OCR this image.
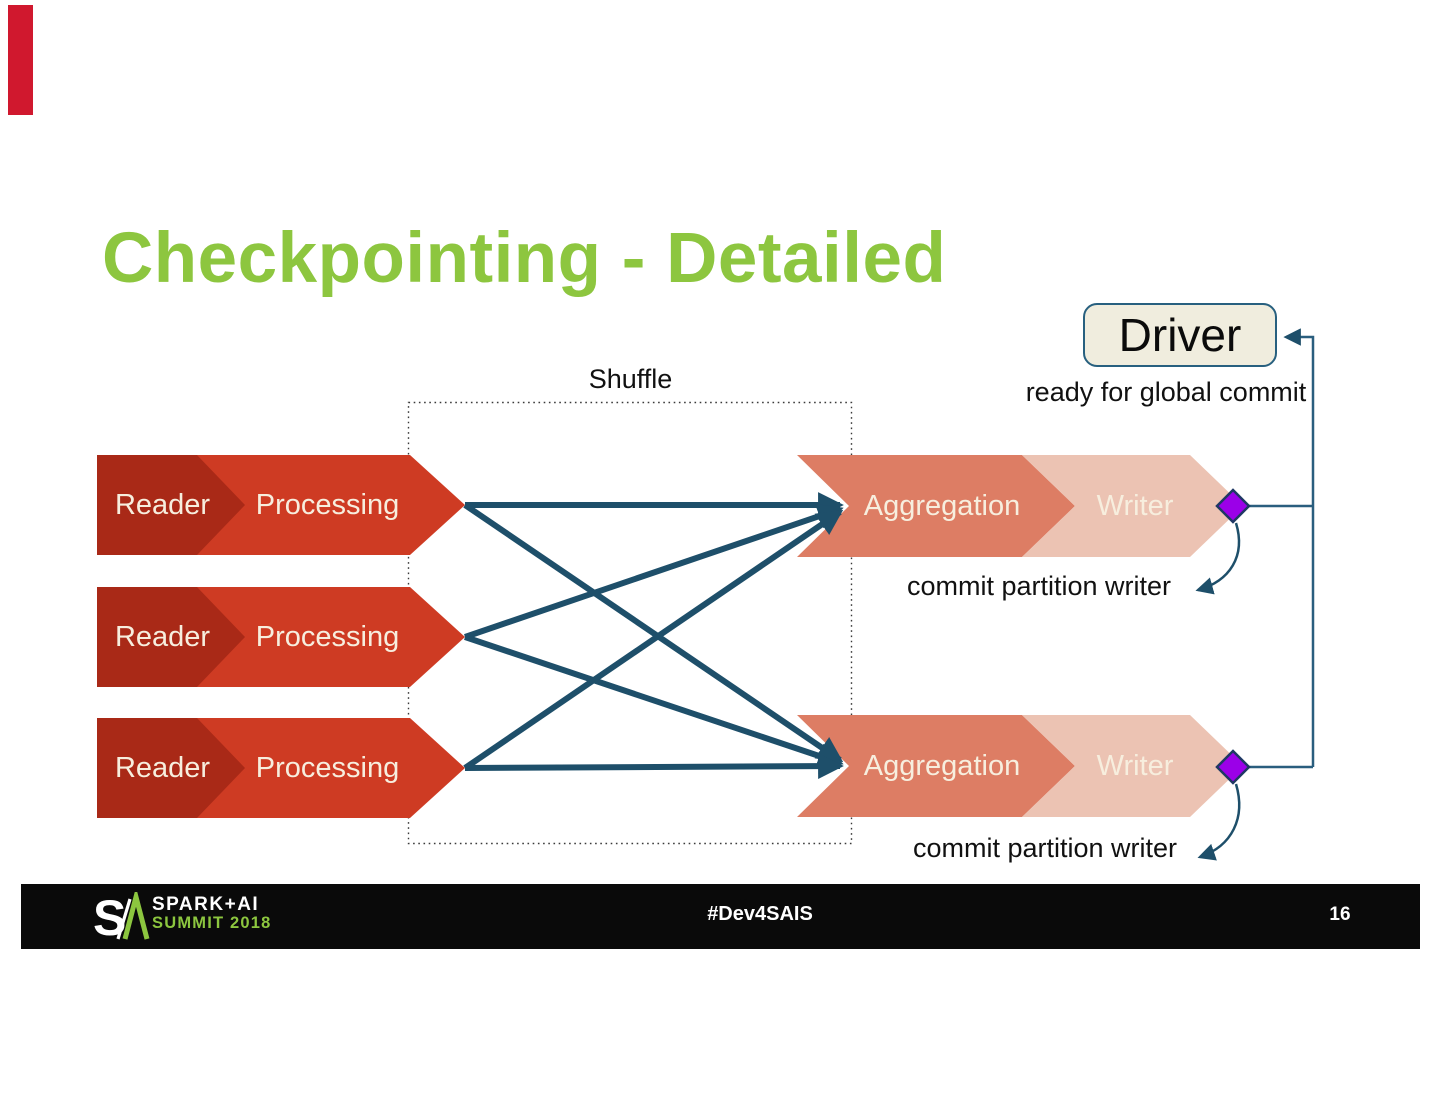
Checkpointing - Detailed
Shuffle
Driver
ready for global commit
Reader	Processing
Reader	Processing
Reader	Processing
Aggregation	Writer
Aggregation	Writer
commit partition writer
commit partition writer
S SPARK+AI
SUMMIT 2018	#Dev4SAIS	16
